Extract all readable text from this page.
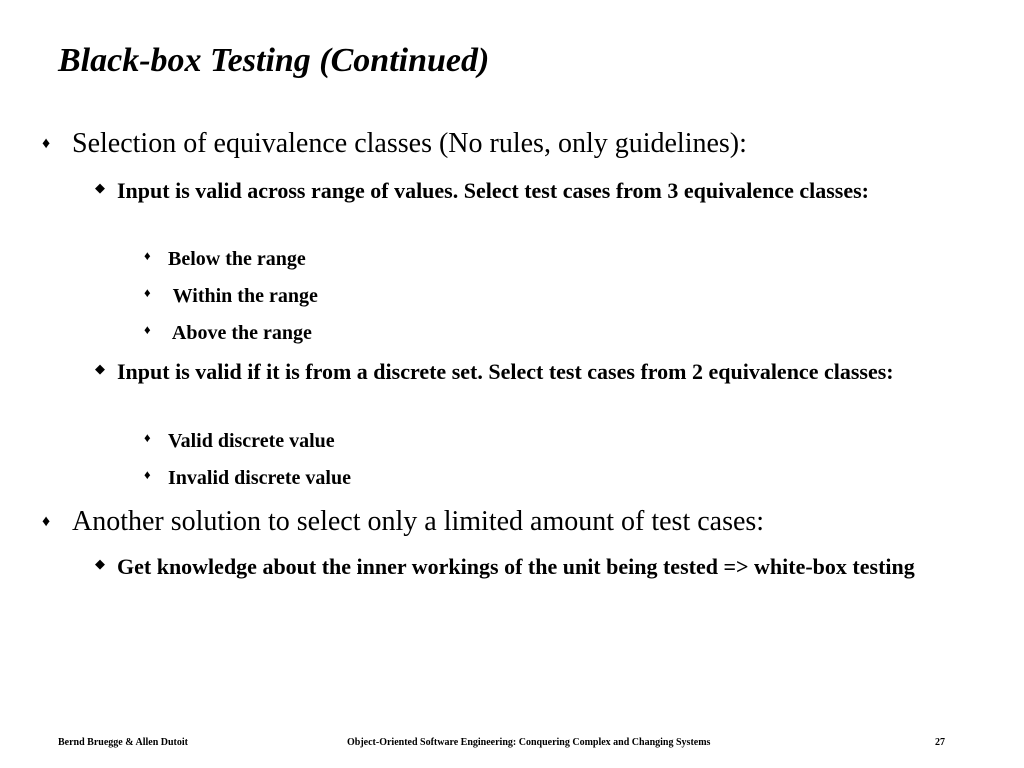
Black-box Testing (Continued)
♦ Selection of equivalence classes (No rules, only guidelines):
◆ Input is valid across range of values. Select test cases from 3 equivalence classes:
♦ Below the range
♦ Within the range
♦ Above the range
◆ Input is valid if it is from a discrete set. Select test cases from 2 equivalence classes:
♦ Valid discrete value
♦ Invalid discrete value
♦ Another solution to select only a limited amount of test cases:
◆ Get knowledge about the inner workings of the unit being tested => white-box testing
Bernd Bruegge & Allen Dutoit	Object-Oriented Software Engineering: Conquering Complex and Changing Systems	27
